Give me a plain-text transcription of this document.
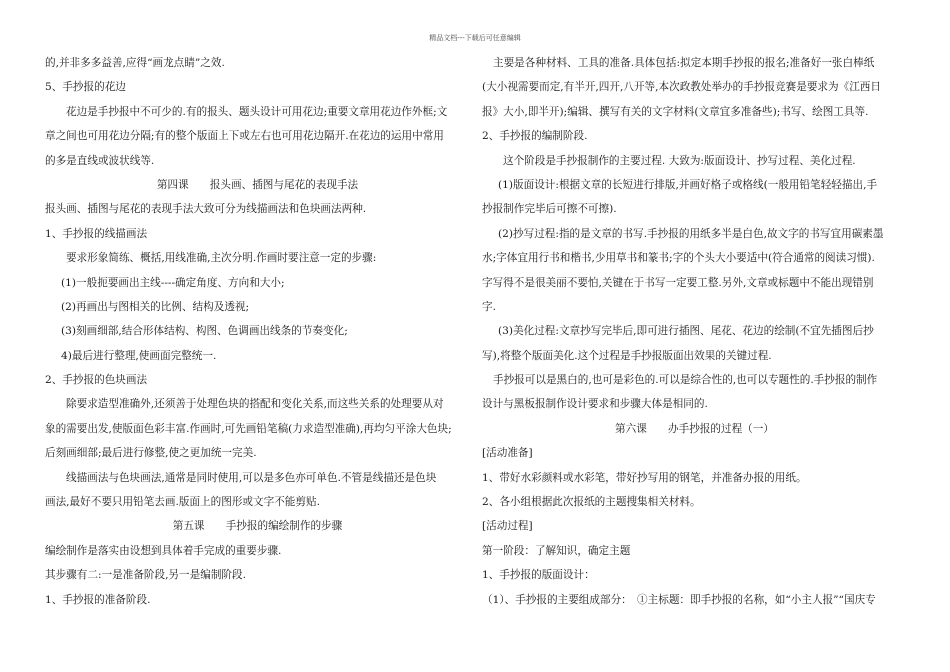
精品文档---下载后可任意编辑
的,并非多多益善,应得“画龙点睛”之效.
5、手抄报的花边
花边是手抄报中不可少的.有的报头、题头设计可用花边;重要文章用花边作外框;文
章之间也可用花边分隔;有的整个版面上下或左右也可用花边隔开.在花边的运用中常用
的多是直线或波状线等.
第四课　　报头画、插图与尾花的表现手法
报头画、插图与尾花的表现手法大致可分为线描画法和色块画法两种.
1、手抄报的线描画法
要求形象简练、概括,用线准确,主次分明.作画时要注意一定的步骤:
(1)一般扼要画出主线----确定角度、方向和大小;
(2)再画出与图相关的比例、结构及透视;
(3)刻画细部,结合形体结构、构图、色调画出线条的节奏变化;
4)最后进行整理,使画面完整统一.
2、手抄报的色块画法
除要求造型准确外,还须善于处理色块的搭配和变化关系,而这些关系的处理要从对
象的需要出发,使版面色彩丰富.作画时,可先画铅笔稿(力求造型准确),再均匀平涂大色块;
后刻画细部;最后进行修整,使之更加统一完美.
线描画法与色块画法,通常是同时使用,可以是多色亦可单色.不管是线描还是色块
画法,最好不要只用铅笔去画.版面上的图形或文字不能剪贴.
第五课　　手抄报的编绘制作的步骤
编绘制作是落实由设想到具体着手完成的重要步骤.
其步骤有二:一是准备阶段,另一是编制阶段.
1、手抄报的准备阶段.
主要是各种材料、工具的准备.具体包括:拟定本期手抄报的报名;准备好一张白棒纸
(大小视需要而定,有半开,四开,八开等,本次政教处举办的手抄报竞赛是要求为《江西日
报》大小,即半开);编辑、撰写有关的文字材料(文章宜多准备些);书写、绘图工具等.
2、手抄报的编制阶段.
这个阶段是手抄报制作的主要过程. 大致为:版面设计、抄写过程、美化过程.
(1)版面设计:根据文章的长短进行排版,并画好格子或格线(一般用铅笔轻轻描出,手
抄报制作完毕后可擦不可擦).
(2)抄写过程:指的是文章的书写.手抄报的用纸多半是白色,故文字的书写宜用碳素墨
水;字体宜用行书和楷书,少用草书和篆书;字的个头大小要适中(符合通常的阅读习惯).
字写得不是很美丽不要怕,关键在于书写一定要工整.另外,文章或标题中不能出现错别
字.
(3)美化过程:文章抄写完毕后,即可进行插图、尾花、花边的绘制(不宜先插图后抄
写),将整个版面美化.这个过程是手抄报版面出效果的关键过程.
手抄报可以是黑白的,也可是彩色的.可以是综合性的,也可以专题性的.手抄报的制作
设计与黑板报制作设计要求和步骤大体是相同的.
第六课　　办手抄报的过程（一）
[活动准备]
1、带好水彩颜料或水彩笔，带好抄写用的钢笔，并准备办报的用纸。
2、各小组根据此次报纸的主题搜集相关材料。
[活动过程]
第一阶段：了解知识，确定主题
1、手抄报的版面设计：
（1）、手抄报的主要组成部分：　①主标题：即手抄报的名称，如“小主人报”“国庆专
